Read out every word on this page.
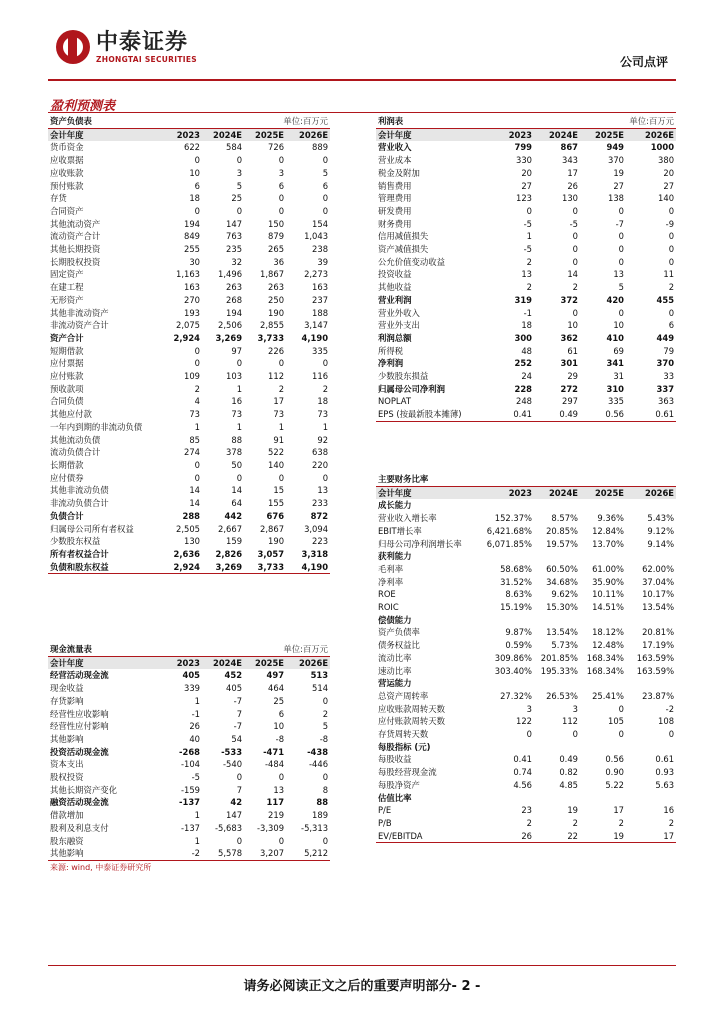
中泰证券
ZHONGTAI SECURITIES	公司点评
盈利预测表
资产负债表			单位:百万元	
会计年度	2023	2024E	2025E	2026E
货币资金	622	584	726	889
应收票据	0	0	0	0
应收账款	10	3	3	5
预付账款	6	5	6	6
存货	18	25	0	0
合同资产	0	0	0	0
其他流动资产	194	147	150	154
流动资产合计	849	763	879	1,043
其他长期投资	255	235	265	238
长期股权投资	30	32	36	39
固定资产	1,163	1,496	1,867	2,273
在建工程	163	263	263	163
无形资产	270	268	250	237
其他非流动资产	193	194	190	188
非流动资产合计	2,075	2,506	2,855	3,147
资产合计	2,924	3,269	3,733	4,190
短期借款	0	97	226	335
应付票据	0	0	0	0
应付账款	109	103	112	116
预收款项	2	1	2	2
合同负债	4	16	17	18
其他应付款	73	73	73	73
一年内到期的非流动负债	1	1	1	1
其他流动负债	85	88	91	92
流动负债合计	274	378	522	638
长期借款	0	50	140	220
应付债券	0	0	0	0
其他非流动负债	14	14	15	13
非流动负债合计	14	64	155	233
负债合计	288	442	676	872
归属母公司所有者权益	2,505	2,667	2,867	3,094
少数股东权益	130	159	190	223
所有者权益合计	2,636	2,826	3,057	3,318
负债和股东权益	2,924	3,269	3,733	4,190
现金流量表			单位:百万元	
会计年度	2023	2024E	2025E	2026E
经营活动现金流	405	452	497	513
现金收益	339	405	464	514
存货影响	1	-7	25	0
经营性应收影响	-1	7	6	2
经营性应付影响	26	-7	10	5
其他影响	40	54	-8	-8
投资活动现金流	-268	-533	-471	-438
资本支出	-104	-540	-484	-446
股权投资	-5	0	0	0
其他长期资产变化	-159	7	13	8
融资活动现金流	-137	42	117	88
借款增加	1	147	219	189
股利及利息支付	-137	-5,683	-3,309	-5,313
股东融资	1	0	0	0
其他影响	-2	5,578	3,207	5,212
利润表			单位:百万元	
会计年度	2023	2024E	2025E	2026E
营业收入	799	867	949	1000
营业成本	330	343	370	380
税金及附加	20	17	19	20
销售费用	27	26	27	27
管理费用	123	130	138	140
研发费用	0	0	0	0
财务费用	-5	-5	-7	-9
信用减值损失	1	0	0	0
资产减值损失	-5	0	0	0
公允价值变动收益	2	0	0	0
投资收益	13	14	13	11
其他收益	2	2	5	2
营业利润	319	372	420	455
营业外收入	-1	0	0	0
营业外支出	18	10	10	6
利润总额	300	362	410	449
所得税	48	61	69	79
净利润	252	301	341	370
少数股东损益	24	29	31	33
归属母公司净利润	228	272	310	337
NOPLAT	248	297	335	363
EPS (按最新股本摊薄)	0.41	0.49	0.56	0.61
主要财务比率				
会计年度	2023	2024E	2025E	2026E
成长能力				
营业收入增长率	152.37%	8.57%	9.36%	5.43%
EBIT增长率	6,421.68%	20.85%	12.84%	9.12%
归母公司净利润增长率	6,071.85%	19.57%	13.70%	9.14%
获利能力				
毛利率	58.68%	60.50%	61.00%	62.00%
净利率	31.52%	34.68%	35.90%	37.04%
ROE	8.63%	9.62%	10.11%	10.17%
ROIC	15.19%	15.30%	14.51%	13.54%
偿债能力				
资产负债率	9.87%	13.54%	18.12%	20.81%
债务权益比	0.59%	5.73%	12.48%	17.19%
流动比率	309.86%	201.85%	168.34%	163.59%
速动比率	303.40%	195.33%	168.34%	163.59%
营运能力				
总资产周转率	27.32%	26.53%	25.41%	23.87%
应收账款周转天数	3	3	0	-2
应付账款周转天数	122	112	105	108
存货周转天数	0	0	0	0
每股指标 (元)				
每股收益	0.41	0.49	0.56	0.61
每股经营现金流	0.74	0.82	0.90	0.93
每股净资产	4.56	4.85	5.22	5.63
估值比率				
P/E	23	19	17	16
P/B	2	2	2	2
EV/EBITDA	26	22	19	17
来源: wind, 中泰证券研究所
请务必阅读正文之后的重要声明部分- 2 -
